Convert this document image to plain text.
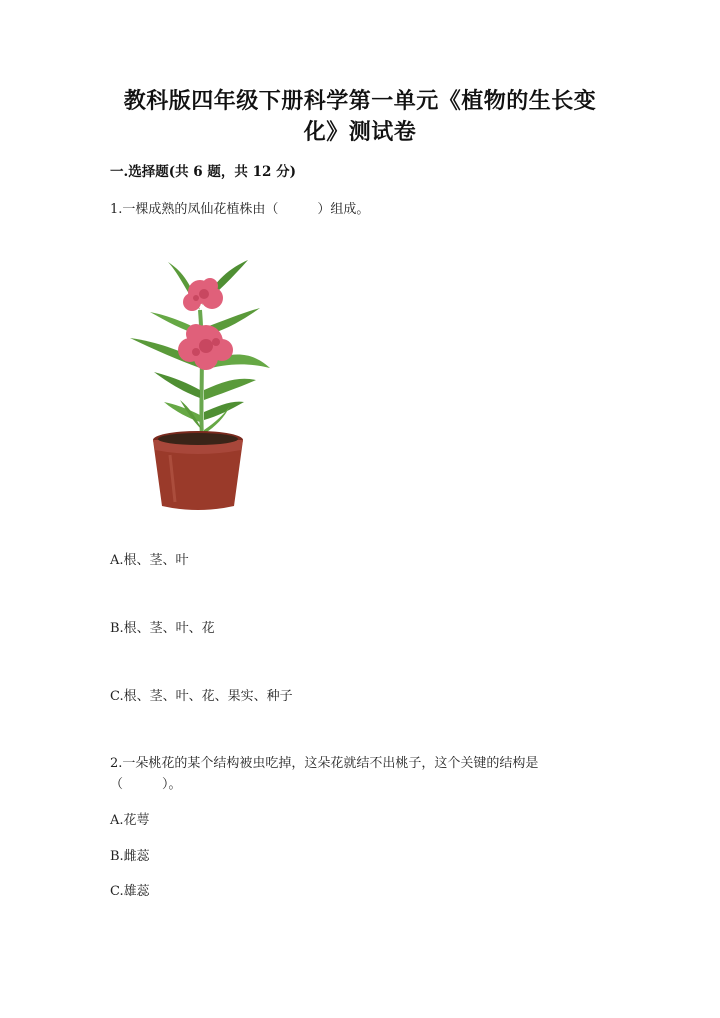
教科版四年级下册科学第一单元《植物的生长变
化》测试卷
一.选择题(共 6 题，共 12 分)
1.一棵成熟的凤仙花植株由（　　　）组成。
A.根、茎、叶
B.根、茎、叶、花
C.根、茎、叶、花、果实、种子
2.一朵桃花的某个结构被虫吃掉，这朵花就结不出桃子，这个关键的结构是（　　　）。
A.花萼
B.雌蕊
C.雄蕊
